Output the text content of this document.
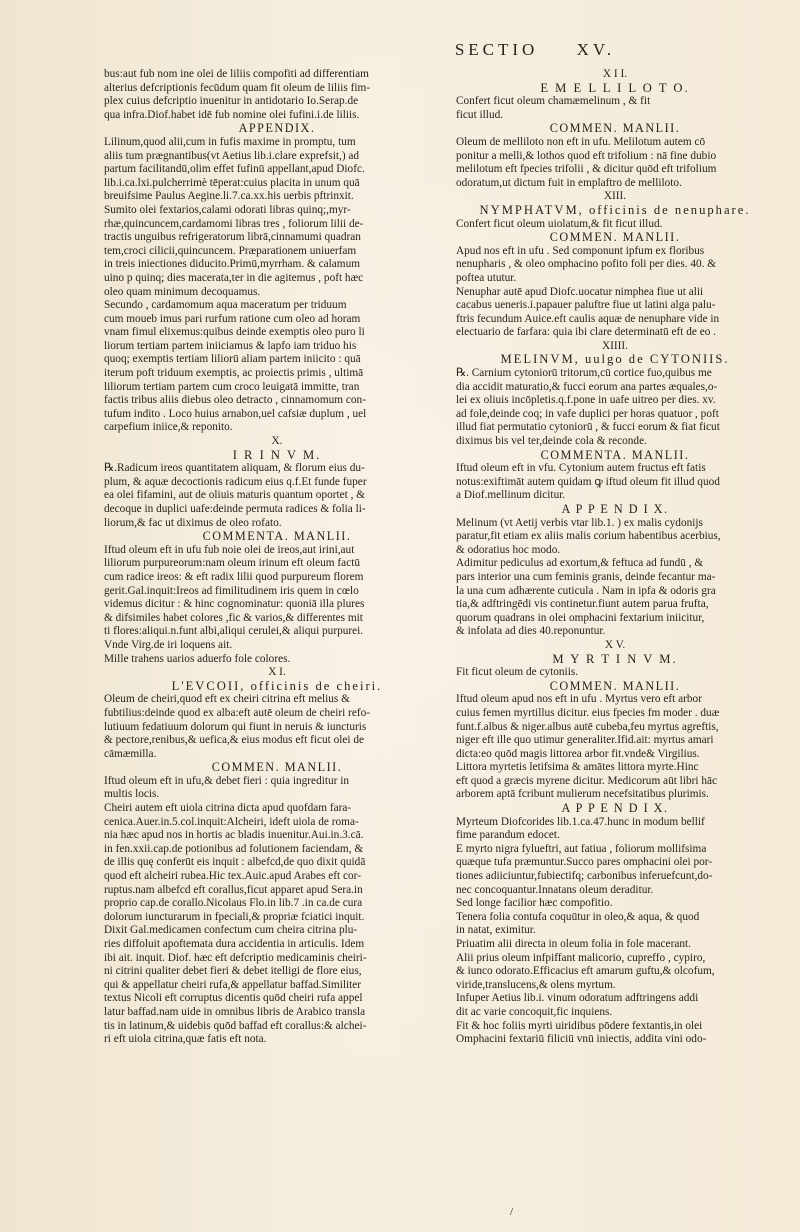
SECTIO XV.
bus:aut fub nom ine olei de liliis compofiti ad differentiam
alterius defcriptionis fecūdum quam fit oleum de liliis fim-
plex cuius defcriptio inuenitur in antidotario Io.Serap.de
qua infra.Diof.habet idē fub nomine olei fufini.i.de liliis.
APPENDIX.
Lilinum,quod alii,cum in fufis maxime in promptu, tum
aliis tum prægnantibus(vt Aetius lib.i.clare exprefsit,) ad
partum facilitandū,olim effet fufinū appellant,apud Diofc.
lib.i.ca.lxi.pulcherrimè tēperat:cuius placita in unum quā
breuifsime Paulus Aegine.li.7.ca.xx.his uerbis pftrinxit.
Sumito olei fextarios,calami odorati libras quinq;,myr-
rhæ,quincuncem,cardamomi libras tres , foliorum lilii de-
tractis unguibus refrigeratorum librā,cinnamumi quadran
tem,croci cilicii,quincuncem. Præparationem uniuerfam
in treis iniectiones diducito.Primū,myrrham. & calamum
uino p quinq; dies maceratа,ter in die agitemus , poft hæc
oleo quam minimum decoquamus.
Secundo , cardamomum aqua maceratum per triduum
cum moueb imus pari rurfum ratione cum oleo ad horam
vnam fimul elixemus:quibus deinde exemptis oleo puro li
liorum tertiam partem iniiciamus & lapfo iam triduo his
quoq; exemptis tertiam liliorū aliam partem iniicito : quā
iterum poft triduum exemptis, ac proiectis primis , ultimā
liliorum tertiam partem cum croco leuigatā immitte, tran
factis tribus aliis diebus oleo detracto , cinnamomum con-
tufum indito . Loco huius arnabon,uel cafsiæ duplum , uel
carpefium iniice,& reponito.
X.
I R I N V M.
℞.Radicum ireos quantitatem aliquam, & florum eius du-
plum, & aquæ decoctionis radicum eius q.f.Et funde fuper
ea olei fifamini, aut de oliuis maturis quantum oportet , &
decoque in duplici uafe:deinde permuta radices & folia li-
liorum,& fac ut diximus de oleo rofato.
COMMENTA. MANLII.
Iftud oleum eft in ufu fub noie olei de ireos,aut irini,aut
liliorum purpureorum:nam oleum irinum eft oleum factū
cum radice ireos: & eft radix lilii quod purpureum florem
gerit.Gal.inquit:Ireos ad fimilitudinem iris quem in cœlo
videmus dicitur : & hinc cognominatur: quoniā illa plures
& difsimiles habet colores ,fic & varios,& differentes mit
ti flores:aliqui.n.funt albi,aliqui cerulei,& aliqui purpurei.
Vnde Virg.de iri loquens ait.
Mille trahens uarios aduerfo fole colores.
X I.
L'EVCOII, officinis de cheiri.
Oleum de cheiri,quod eft ex cheiri citrina eft melius &
fubtilius:deinde quod ex alba:eft autē oleum de cheiri refo-
lutiuum fedatiuum dolorum qui fiunt in neruis & iuncturis
& pectore,renibus,& uefica,& eius modus eft ficut olei de
cāmæmilla.
COMMEN. MANLII.
Iftud oleum eft in ufu,& debet fieri : quia ingreditur in
multis locis.
Cheiri autem eft uiola citrina dicta apud quofdam fara-
cenica.Auer.in.5.col.inquit:Alcheiri, ideft uiola de roma-
nia hæc apud nos in hortis ac bladis inuenitur.Aui.in.3.cā.
in fen.xxii.cap.de potionibus ad folutionem faciendam, &
de illis quę conferūt eis inquit : albefcd,de quo dixit quidā
quod eft alcheiri rubea.Hic tex.Auic.apud Arabes eft cor-
ruptus.nam albefcd eft corallus,ficut apparet apud Sera.in
proprio cap.de corallo.Nicolaus Flo.in lib.7 .in ca.de cura
dolorum iuncturarum in fpeciali,& propriæ fciatici inquit.
Dixit Gal.medicamen confectum cum cheira citrina plu-
ries diffoluit apoftemata dura accidentia in articulis. Idem
ibi ait. inquit. Diof. hæc eft defcriptio medicaminis cheiri-
ni citrini qualiter debet fieri & debet itelligi de flore eius,
qui & appellatur cheiri rufa,& appellatur baffad.Similiter
textus Nicoli eft corruptus dicentis quōd cheiri rufa appel
latur baffad.nam uide in omnibus libris de Arabico transla
tis in latinum,& uidebis quōd baffad eft corallus:& alchei-
ri eft uiola citrina,quæ fatis eft nota.
X I I.
E M E L L I L O T O.
Confert ficut oleum chamæmelinum , & fit
ficut illud.
COMMEN. MANLII.
Oleum de melliloto non eft in ufu. Melilotum autem cō
ponitur a melli,& lothos quod eft trifolium : nā fine dubio
melilotum eft fpecies trifolii , & dicitur quōd eft trifolium
odoratum,ut dictum fuit in emplaftro de melliloto.
XIII.
NYMPHATVM, officinis de nenuphare.
Confert ficut oleum uiolatum,& fit ficut illud.
COMMEN. MANLII.
Apud nos eft in ufu . Sed componunt ipfum ex floribus
nenupharis , & oleo omphacino pofito foli per dies. 40. &
poftea ututur.
Nenuphar autē apud Diofc.uocatur nimphea fiue ut alii
cacabus ueneris.i.papauer paluftre fiue ut latini alga palu-
ftris fecundum Auice.eft caulis aquæ de nenuphare vide in
electuario de farfara: quia ibi clare determinatū eft de eo .
XIIII.
MELINVM, uulgo de CYTONIIS.
℞. Carnium cytoniorū tritorum,cū cortice fuo,quibus me
dia accidit maturatio,& fucci eorum ana partes æquales,o-
lei ex oliuis incōpletis.q.f.pone in uafe uitreo per dies. xv.
ad fole,deinde coq; in vafe duplici per horas quatuor , poft
illud fiat permutatio cytoniorū , & fucci eorum & fiat ficut
diximus bis vel ter,deinde cola & reconde.
COMMENTA. MANLII.
Iftud oleum eft in vfu. Cytonium autem fructus eft fatis
notus:exiftimāt autem quidam ꝙ iftud oleum fit illud quod
a Diof.mellinum dicitur.
A P P E N D I X.
Melinum (vt Aetij verbis vtar lib.1. ) ex malis cydonijs
paratur,fit etiam ex aliis malis corium habentibus acerbius,
& odoratius hoc modo.
Adimitur pediculus ad exortum,& feftuca ad fundū , &
pars interior una cum feminis granis, deinde fecantur ma-
la una cum adhærente cuticula . Nam in ipfa & odoris gra
tia,& adftringēdi vis continetur.fiunt autem parua frufta,
quorum quadrans in olei omphacini fextarium iniicitur,
& infolata ad dies 40.reponuntur.
X V.
M Y R T I N V M.
Fit ficut oleum de cytoniis.
COMMEN. MANLII.
Iftud oleum apud nos eft in ufu . Myrtus vero eft arbor
cuius femen myrtillus dicitur. eius fpecies fm moder . duæ
funt.f.albus & niger.albus autē cubeba,feu myrtus agreftis,
niger eft ille quo utimur generaliter.Ifid.ait: myrtus amari
dicta:eo quōd magis littorea arbor fit.vnde& Virgilius.
Littora myrtetis letifsima & amātes littora myrte.Hinc
eft quod a græcis myrene dicitur. Medicorum aūt libri hāc
arborem aptā fcribunt mulierum necefsitatibus plurimis.
A P P E N D I X.
Myrteum Diofcorides lib.1.ca.47.hunc in modum bellif
fime parandum edocet.
E myrto nigra fylueftri, aut fatiua , foliorum mollifsima
quæque tufa præmuntur.Succo pares omphacini olei por-
tiones adiiciuntur,fubiectifq; carbonibus inferuefcunt,do-
nec concoquantur.Innatans oleum deraditur.
Sed longe facilior hæc compofitio.
Tenera folia contufa coquūtur in oleo,& aqua, & quod
in natat, eximitur.
Priuatim alii directa in oleum folia in fole macerant.
Alii prius oleum infpiffant malicorio, cupreffo , cypiro,
& iunco odorato.Efficacius eft amarum guftu,& olcofum,
viride,translucens,& olens myrtum.
Infuper Aetius lib.i. vinum odoratum adftringens addi
dit ac varie concoquit,fic inquiens.
Fit & hoc foliis myrti uiridibus pōdere fextantis,in olei
Omphacini fextariū filiciū vnū iniectis, addita vini odo-
/
